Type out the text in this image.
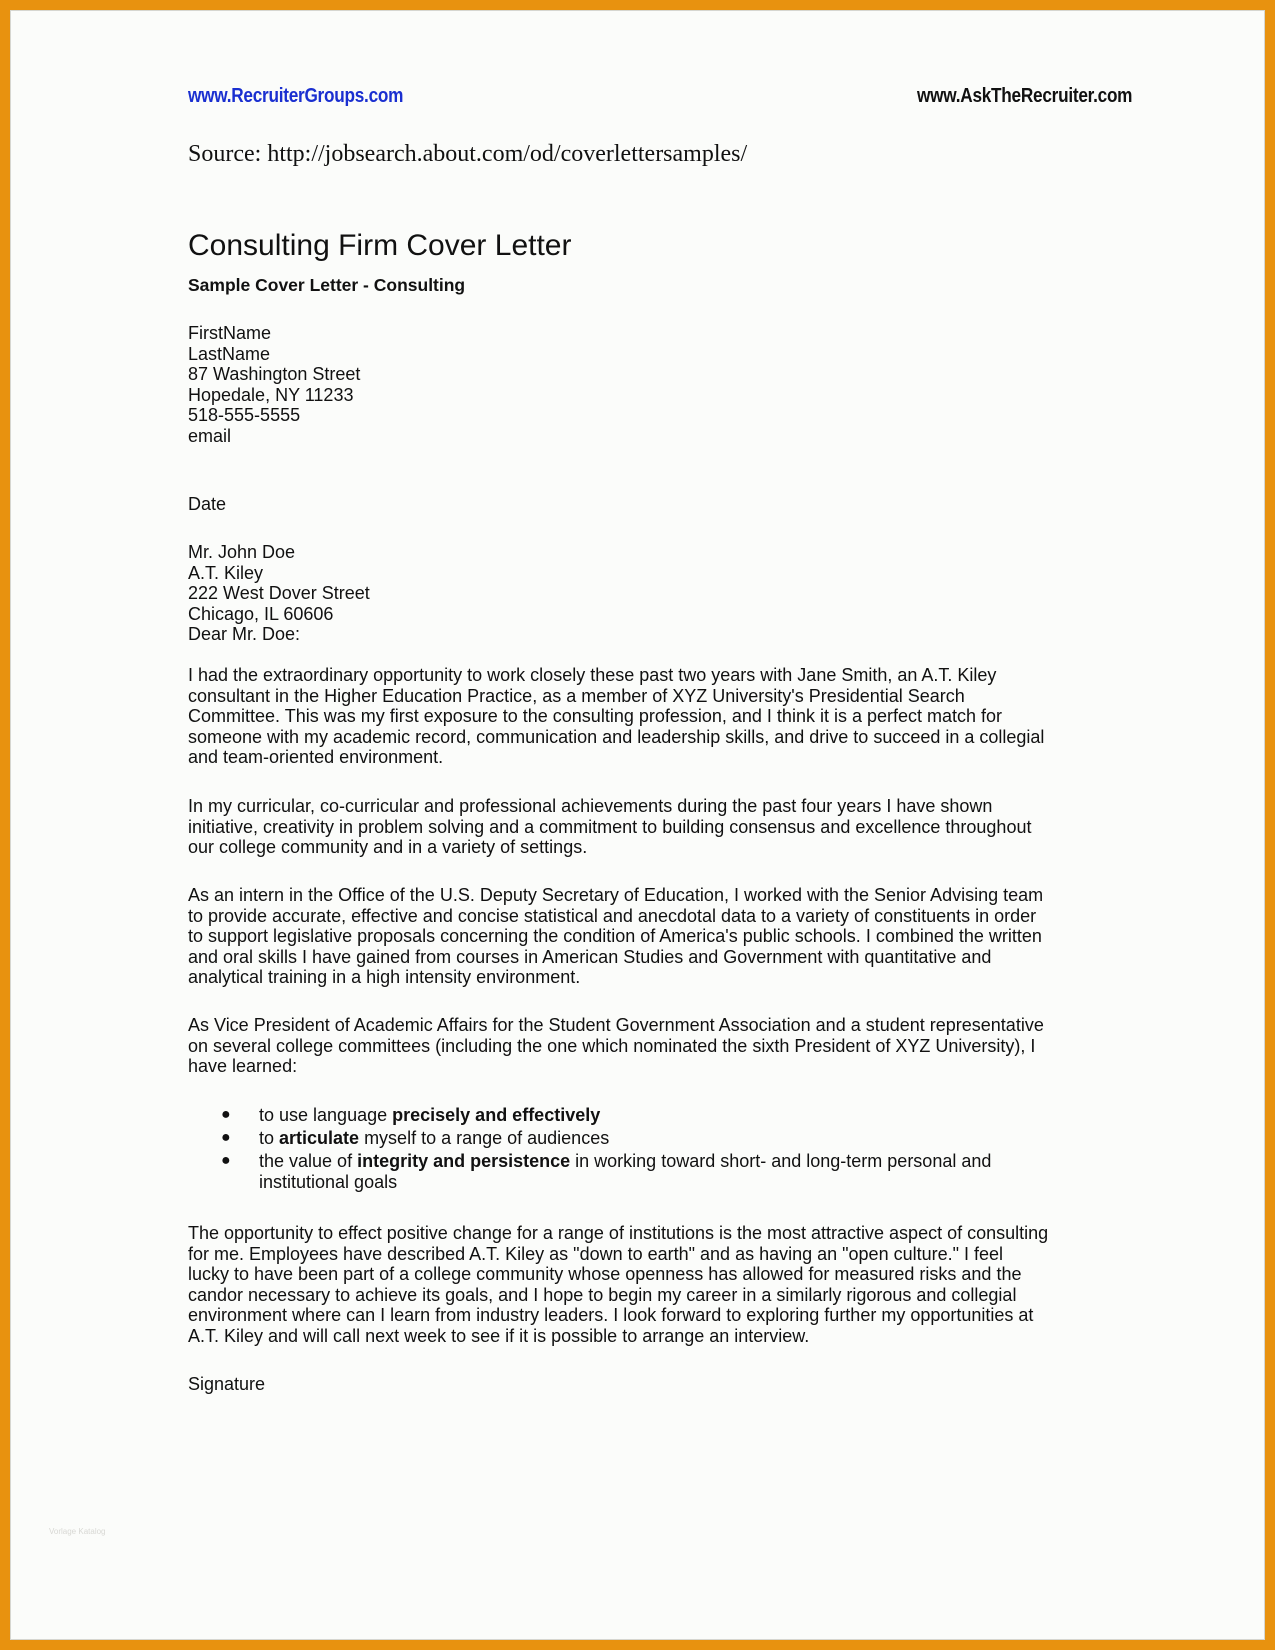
www.RecruiterGroups.com	www.AskTheRecruiter.com
Source: http://jobsearch.about.com/od/coverlettersamples/
Consulting Firm Cover Letter
Sample Cover Letter - Consulting
FirstName
LastName
87 Washington Street
Hopedale, NY 11233
518-555-5555
email
Date
Mr. John Doe
A.T. Kiley
222 West Dover Street
Chicago, IL 60606
Dear Mr. Doe:
I had the extraordinary opportunity to work closely these past two years with Jane Smith, an A.T. Kiley
consultant in the Higher Education Practice, as a member of XYZ University's Presidential Search
Committee. This was my first exposure to the consulting profession, and I think it is a perfect match for
someone with my academic record, communication and leadership skills, and drive to succeed in a collegial
and team-oriented environment.
In my curricular, co-curricular and professional achievements during the past four years I have shown
initiative, creativity in problem solving and a commitment to building consensus and excellence throughout
our college community and in a variety of settings.
As an intern in the Office of the U.S. Deputy Secretary of Education, I worked with the Senior Advising team
to provide accurate, effective and concise statistical and anecdotal data to a variety of constituents in order
to support legislative proposals concerning the condition of America's public schools. I combined the written
and oral skills I have gained from courses in American Studies and Government with quantitative and
analytical training in a high intensity environment.
As Vice President of Academic Affairs for the Student Government Association and a student representative
on several college committees (including the one which nominated the sixth President of XYZ University), I
have learned:
● to use language precisely and effectively
● to articulate myself to a range of audiences
● the value of integrity and persistence in working toward short- and long-term personal and
institutional goals
The opportunity to effect positive change for a range of institutions is the most attractive aspect of consulting
for me. Employees have described A.T. Kiley as "down to earth" and as having an "open culture." I feel
lucky to have been part of a college community whose openness has allowed for measured risks and the
candor necessary to achieve its goals, and I hope to begin my career in a similarly rigorous and collegial
environment where can I learn from industry leaders. I look forward to exploring further my opportunities at
A.T. Kiley and will call next week to see if it is possible to arrange an interview.
Signature
Vorlage Katalog
